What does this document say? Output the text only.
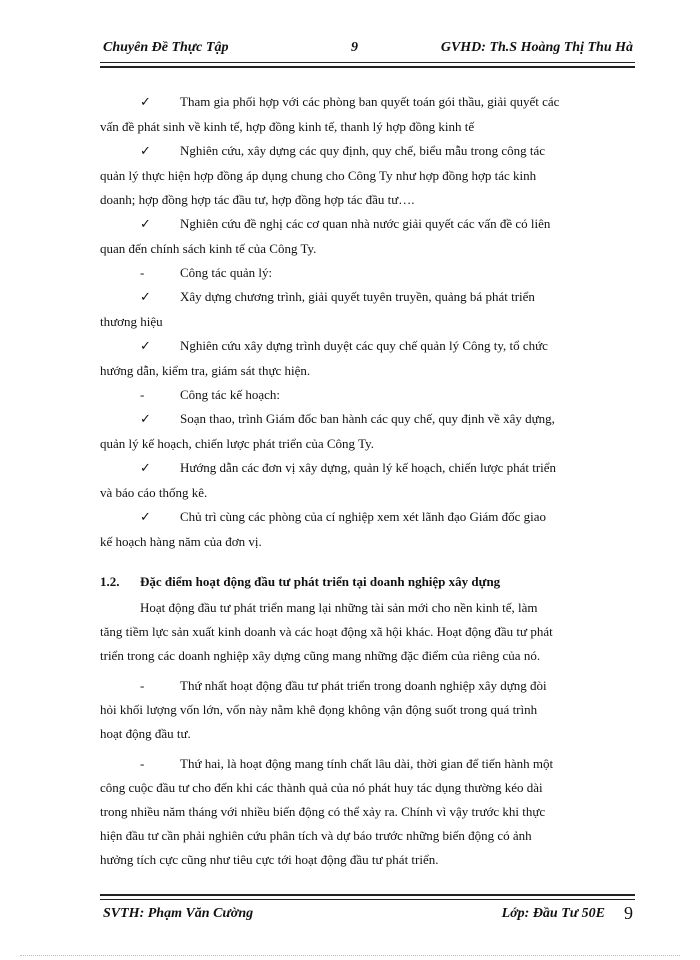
Chuyên Đề Thực Tập	9	GVHD: Th.S Hoàng Thị Thu Hà
✓ Tham gia phối hợp với các phòng ban quyết toán gói thầu, giải quyết các
vấn đề phát sinh về kinh tế, hợp đồng kinh tế, thanh lý hợp đồng kinh tế
✓ Nghiên cứu, xây dựng các quy định, quy chế, biểu mẫu trong công tác
quản lý thực hiện hợp đồng áp dụng chung cho Công Ty như hợp đồng hợp tác kinh
doanh; hợp đồng hợp tác đầu tư, hợp đồng hợp tác đầu tư….
✓ Nghiên cứu đề nghị các cơ quan nhà nước giải quyết các vấn đề có liên
quan đến chính sách kinh tế của Công Ty.
-	Công tác quản lý:
✓ Xây dựng chương trình, giải quyết tuyên truyền, quảng bá phát triển
thương hiệu
✓ Nghiên cứu xây dựng trình duyệt các quy chế quản lý Công ty, tổ chức
hướng dẫn, kiểm tra, giám sát thực hiện.
-	Công tác kế hoạch:
✓ Soạn thao, trình Giám đốc ban hành các quy chế, quy định về xây dựng,
quản lý kế hoạch, chiến lược phát triển của Công Ty.
✓ Hướng dẫn các đơn vị xây dựng, quản lý kế hoạch, chiến lược phát triển
và báo cáo thống kê.
✓ Chủ trì cùng các phòng của cí nghiệp xem xét lãnh đạo Giám đốc giao
kế hoạch hàng năm của đơn vị.
1.2. Đặc điểm hoạt động đầu tư phát triển tại doanh nghiệp xây dựng
Hoạt động đầu tư phát triển mang lại những tài sản mới cho nền kinh tế, làm
tăng tiềm lực sản xuất kinh doanh và các hoạt động xã hội khác. Hoạt động đầu tư phát
triển trong các doanh nghiệp xây dựng cũng mang những đặc điểm của riêng của nó.
-	Thứ nhất hoạt động đầu tư phát triển trong doanh nghiệp xây dựng đòi
hỏi khối lượng vốn lớn, vốn này nằm khê đọng không vận động suốt trong quá trình
hoạt động đầu tư.
-	Thứ hai, là hoạt động mang tính chất lâu dài, thời gian để tiến hành một
công cuộc đầu tư cho đến khi các thành quả của nó phát huy tác dụng thường kéo dài
trong nhiều năm tháng với nhiều biến động có thể xảy ra. Chính vì vậy trước khi thực
hiện đầu tư cần phải nghiên cứu phân tích và dự báo trước những biến động có ảnh
hưởng tích cực cũng như tiêu cực tới hoạt động đầu tư phát triển.
SVTH: Phạm Văn Cường	Lớp: Đầu Tư 50E 9
